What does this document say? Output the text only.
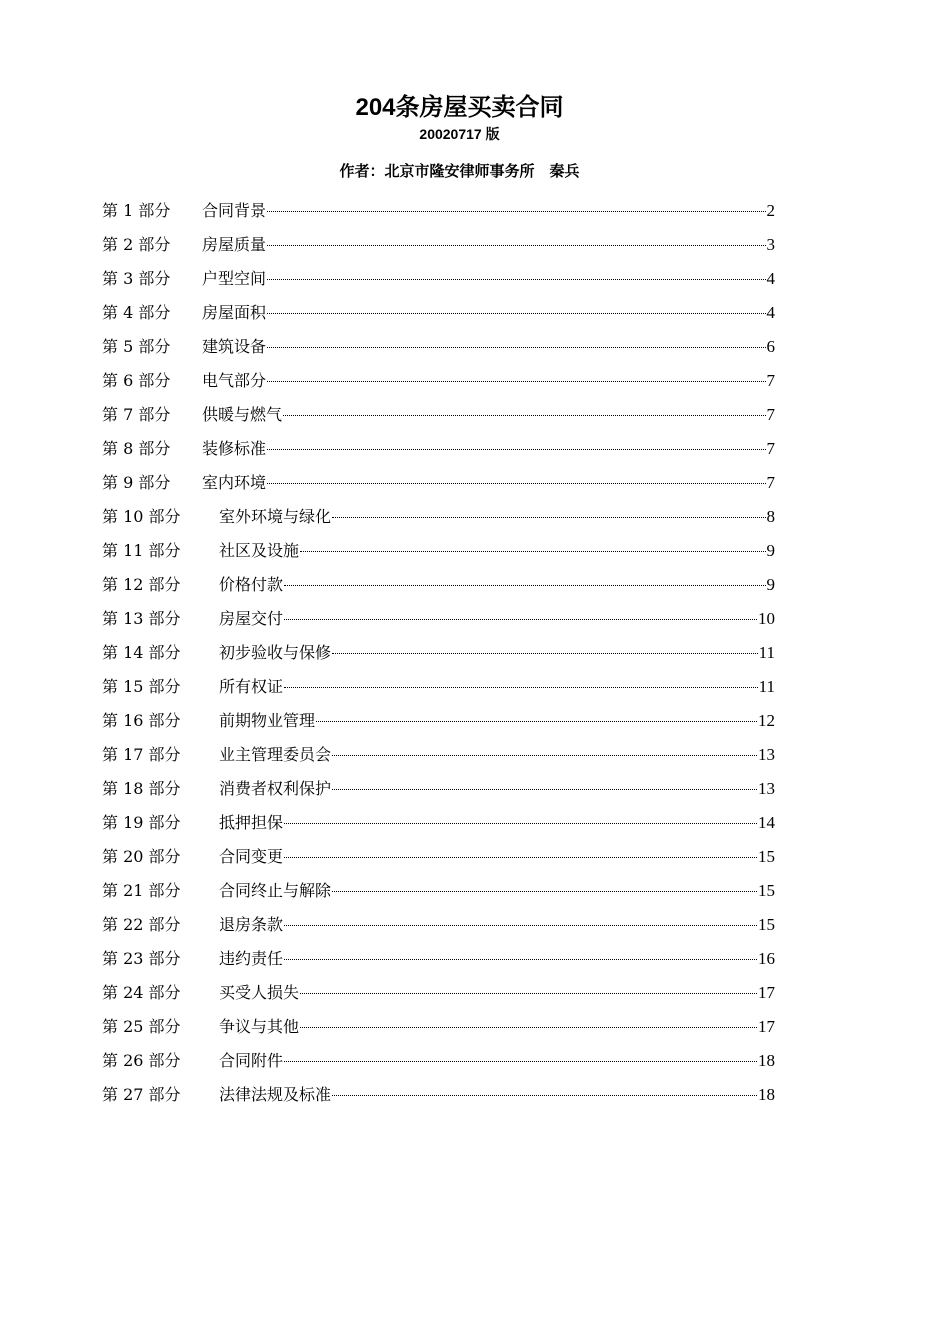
204条房屋买卖合同
20020717 版
作者：北京市隆安律师事务所　秦兵
第 1 部分	合同背景	2
第 2 部分	房屋质量	3
第 3 部分	户型空间	4
第 4 部分	房屋面积	4
第 5 部分	建筑设备	6
第 6 部分	电气部分	7
第 7 部分	供暖与燃气	7
第 8 部分	装修标准	7
第 9 部分	室内环境	7
第 10 部分	室外环境与绿化	8
第 11 部分	社区及设施	9
第 12 部分	价格付款	9
第 13 部分	房屋交付	10
第 14 部分	初步验收与保修	11
第 15 部分	所有权证	11
第 16 部分	前期物业管理	12
第 17 部分	业主管理委员会	13
第 18 部分	消费者权利保护	13
第 19 部分	抵押担保	14
第 20 部分	合同变更	15
第 21 部分	合同终止与解除	15
第 22 部分	退房条款	15
第 23 部分	违约责任	16
第 24 部分	买受人损失	17
第 25 部分	争议与其他	17
第 26 部分	合同附件	18
第 27 部分	法律法规及标准	18
